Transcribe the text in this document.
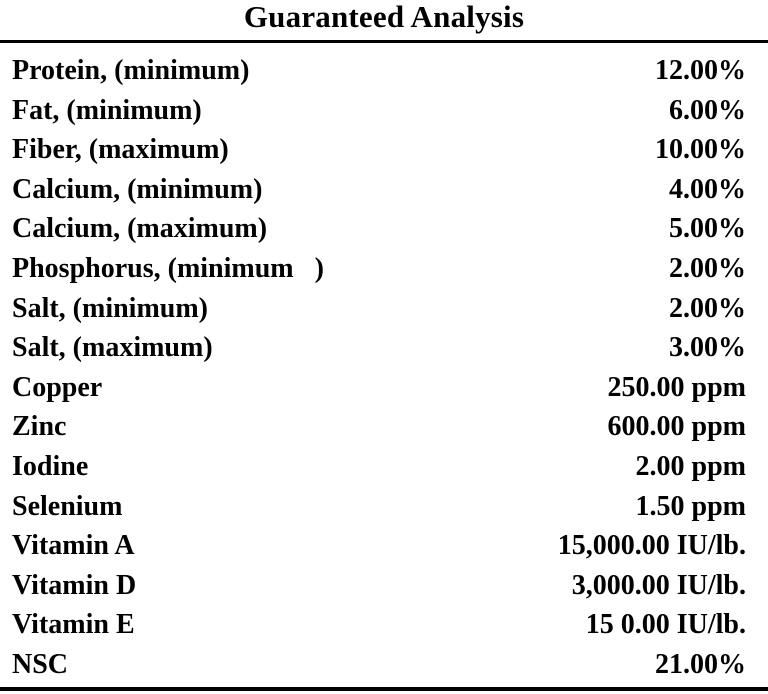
Guaranteed Analysis
Protein, (minimum)	12.00%
Fat, (minimum)	6.00%
Fiber, (maximum)	10.00%
Calcium, (minimum)	4.00%
Calcium, (maximum)	5.00%
Phosphorus, (minimum   )	2.00%
Salt, (minimum)	2.00%
Salt, (maximum)	3.00%
Copper	250.00 ppm
Zinc	600.00 ppm
Iodine	2.00 ppm
Selenium	1.50 ppm
Vitamin A	15,000.00 IU/lb.
Vitamin D	3,000.00 IU/lb.
Vitamin E	15 0.00 IU/lb.
NSC	21.00%
